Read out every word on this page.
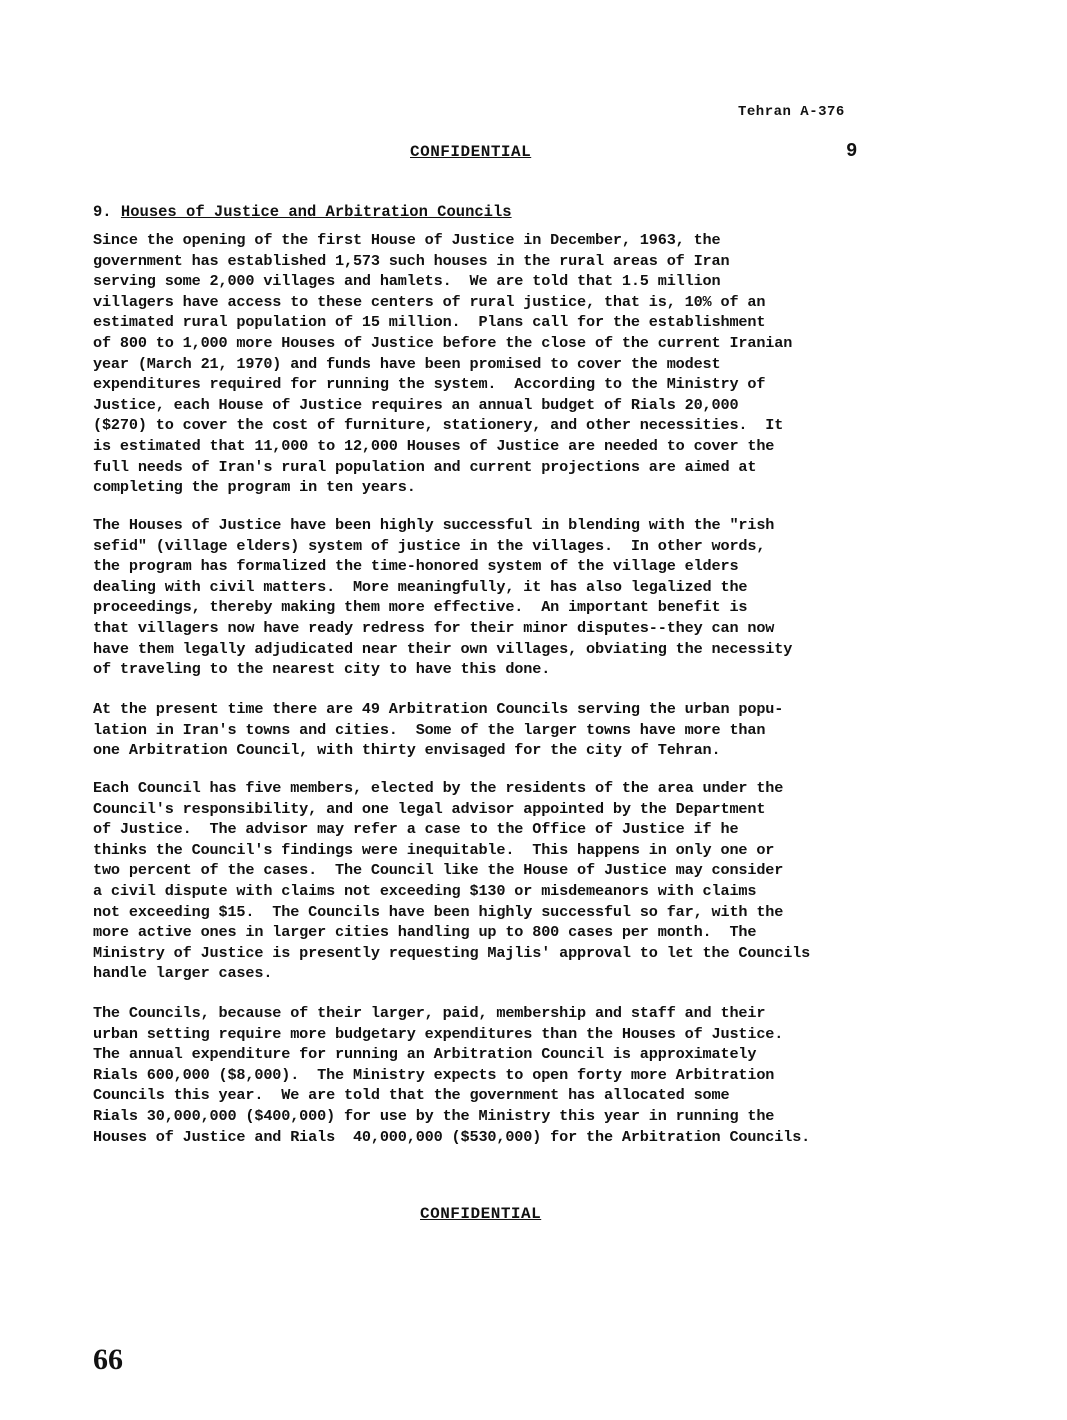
Tehran A-376
CONFIDENTIAL	9
9. Houses of Justice and Arbitration Councils
Since the opening of the first House of Justice in December, 1963, the
government has established 1,573 such houses in the rural areas of Iran
serving some 2,000 villages and hamlets.  We are told that 1.5 million
villagers have access to these centers of rural justice, that is, 10% of an
estimated rural population of 15 million.  Plans call for the establishment
of 800 to 1,000 more Houses of Justice before the close of the current Iranian
year (March 21, 1970) and funds have been promised to cover the modest
expenditures required for running the system.  According to the Ministry of
Justice, each House of Justice requires an annual budget of Rials 20,000
($270) to cover the cost of furniture, stationery, and other necessities.  It
is estimated that 11,000 to 12,000 Houses of Justice are needed to cover the
full needs of Iran's rural population and current projections are aimed at
completing the program in ten years.
The Houses of Justice have been highly successful in blending with the "rish
sefid" (village elders) system of justice in the villages.  In other words,
the program has formalized the time-honored system of the village elders
dealing with civil matters.  More meaningfully, it has also legalized the
proceedings, thereby making them more effective.  An important benefit is
that villagers now have ready redress for their minor disputes--they can now
have them legally adjudicated near their own villages, obviating the necessity
of traveling to the nearest city to have this done.
At the present time there are 49 Arbitration Councils serving the urban popu-
lation in Iran's towns and cities.  Some of the larger towns have more than
one Arbitration Council, with thirty envisaged for the city of Tehran.
Each Council has five members, elected by the residents of the area under the
Council's responsibility, and one legal advisor appointed by the Department
of Justice.  The advisor may refer a case to the Office of Justice if he
thinks the Council's findings were inequitable.  This happens in only one or
two percent of the cases.  The Council like the House of Justice may consider
a civil dispute with claims not exceeding $130 or misdemeanors with claims
not exceeding $15.  The Councils have been highly successful so far, with the
more active ones in larger cities handling up to 800 cases per month.  The
Ministry of Justice is presently requesting Majlis' approval to let the Councils
handle larger cases.
The Councils, because of their larger, paid, membership and staff and their
urban setting require more budgetary expenditures than the Houses of Justice.
The annual expenditure for running an Arbitration Council is approximately
Rials 600,000 ($8,000).  The Ministry expects to open forty more Arbitration
Councils this year.  We are told that the government has allocated some
Rials 30,000,000 ($400,000) for use by the Ministry this year in running the
Houses of Justice and Rials  40,000,000 ($530,000) for the Arbitration Councils.
CONFIDENTIAL
66
